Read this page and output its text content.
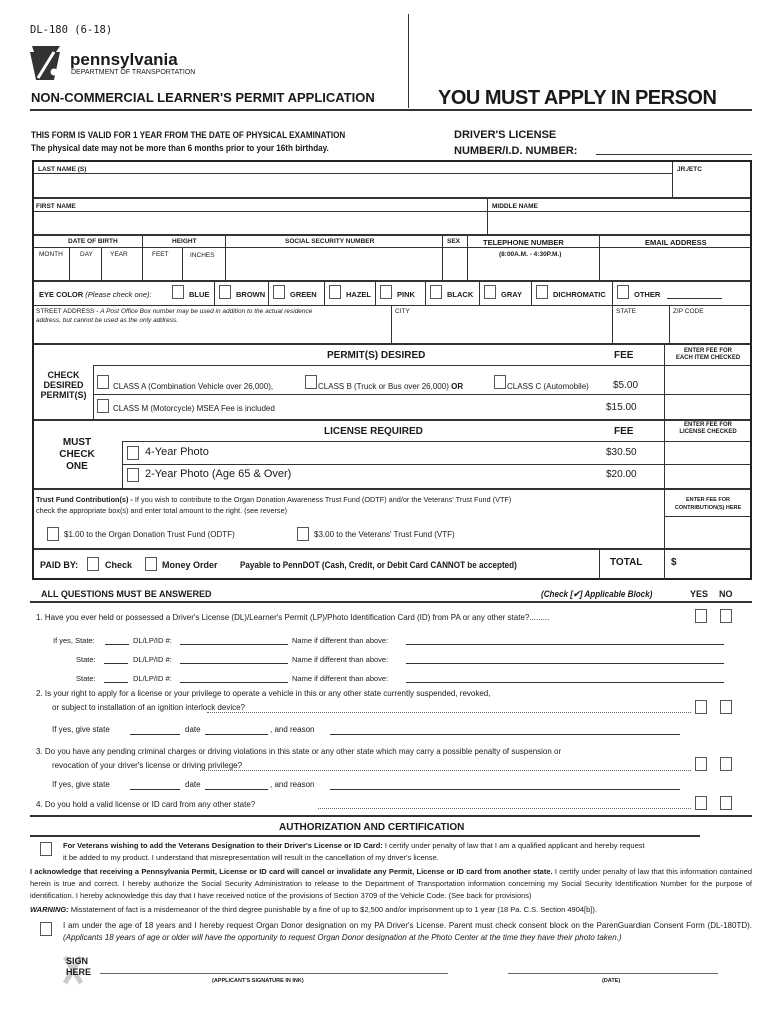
DL-180 (6-18)
pennsylvania
DEPARTMENT OF TRANSPORTATION
NON-COMMERCIAL LEARNER'S PERMIT APPLICATION	YOU MUST APPLY IN PERSON
THIS FORM IS VALID FOR 1 YEAR FROM THE DATE OF PHYSICAL EXAMINATION
The physical date may not be more than 6 months prior to your 16th birthday.
DRIVER'S LICENSE
NUMBER/I.D. NUMBER:
LAST NAME (S)	JR./ETC
FIRST NAME	MIDDLE NAME
DATE OF BIRTH
MONTH	DAY	YEAR
HEIGHT
FEET	INCHES
SOCIAL SECURITY NUMBER	SEX	TELEPHONE NUMBER
(8:00A.M. - 4:30P.M.)
EMAIL ADDRESS
EYE COLOR (Please check one):	BLUE	BROWN	GREEN	HAZEL	PINK	BLACK	GRAY	DICHROMATIC	OTHER
STREET ADDRESS - A Post Office Box number may be used in addition to the actual residence
address, but cannot be used as the only address.
CITY	STATE	ZIP CODE
PERMIT(S) DESIRED	FEE	ENTER FEE FOR
EACH ITEM CHECKED
CHECK
DESIRED
PERMIT(S)
CLASS A (Combination Vehicle over 26,000),	CLASS B (Truck or Bus over 26,000) OR	CLASS C (Automobile) $5.00
CLASS M (Motorcycle) MSEA Fee is included	$15.00
LICENSE REQUIRED	FEE
ENTER FEE FOR
LICENSE CHECKED
MUST
CHECK
ONE
4-Year Photo	$30.50
2-Year Photo (Age 65 & Over)	$20.00
Trust Fund Contribution(s) - If you wish to contribute to the Organ Donation Awareness Trust Fund (ODTF) and/or the Veterans' Trust Fund (VTF)
check the appropriate box(s) and enter total amount to the right. (see reverse)
ENTER FEE FOR
CONTRIBUTION(S) HERE
$1.00 to the Organ Donation Trust Fund (ODTF)	$3.00 to the Veterans' Trust Fund (VTF)
PAID BY:	Check	Money Order Payable to PennDOT (Cash, Credit, or Debit Card CANNOT be accepted)	TOTAL	$
ALL QUESTIONS MUST BE ANSWERED	(Check [✔] Applicable Block)	YES NO
1. Have you ever held or possessed a Driver's License (DL)/Learner's Permit (LP)/Photo Identification Card (ID) from PA or any other state?.........
If yes, State:	DL/LP/ID #:	Name if different than above:
State:	DL/LP/ID #:	Name if different than above:
State:	DL/LP/ID #:	Name if different than above:
2. Is your right to apply for a license or your privilege to operate a vehicle in this or any other state currently suspended, revoked,
or subject to installation of an ignition interlock device?
If yes, give state	date	, and reason
3. Do you have any pending criminal charges or driving violations in this state or any other state which may carry a possible penalty of suspension or
revocation of your driver's license or driving privilege?
If yes, give state	date	, and reason
4. Do you hold a valid license or ID card from any other state?
AUTHORIZATION AND CERTIFICATION
For Veterans wishing to add the Veterans Designation to their Driver's License or ID Card: I certify under penalty of law that I am a qualified applicant and hereby request
it be added to my product. I understand that misrepresentation will result in the cancellation of my driver's license.
I acknowledge that receiving a Pennsylvania Permit, License or ID card will cancel or invalidate any Permit, License or ID card from another state. I certify under penalty of law that this information contained herein is true and correct. I hereby authorize the Social Security Administration to release to the Department of Transportation information concerning my Social Security Identification Number for the purpose of identification. I hereby acknowledge this day that I have received notice of the provisions of Section 3709 of the Vehicle Code. (See back for provisions)
WARNING: Misstatement of fact is a misdemeanor of the third degree punishable by a fine of up to $2,500 and/or imprisonment up to 1 year (18 Pa. C.S. Section 4904[b]).
I am under the age of 18 years and I hereby request Organ Donor designation on my PA Driver's License. Parent must check consent block on the ParenGuardian Consent Form (DL-180TD). (Applicants 18 years of age or older will have the opportunity to request Organ Donor designation at the Photo Center at the time they have their photo taken.)
SIGN
HERE
(APPLICANT'S SIGNATURE IN INK)	(DATE)
